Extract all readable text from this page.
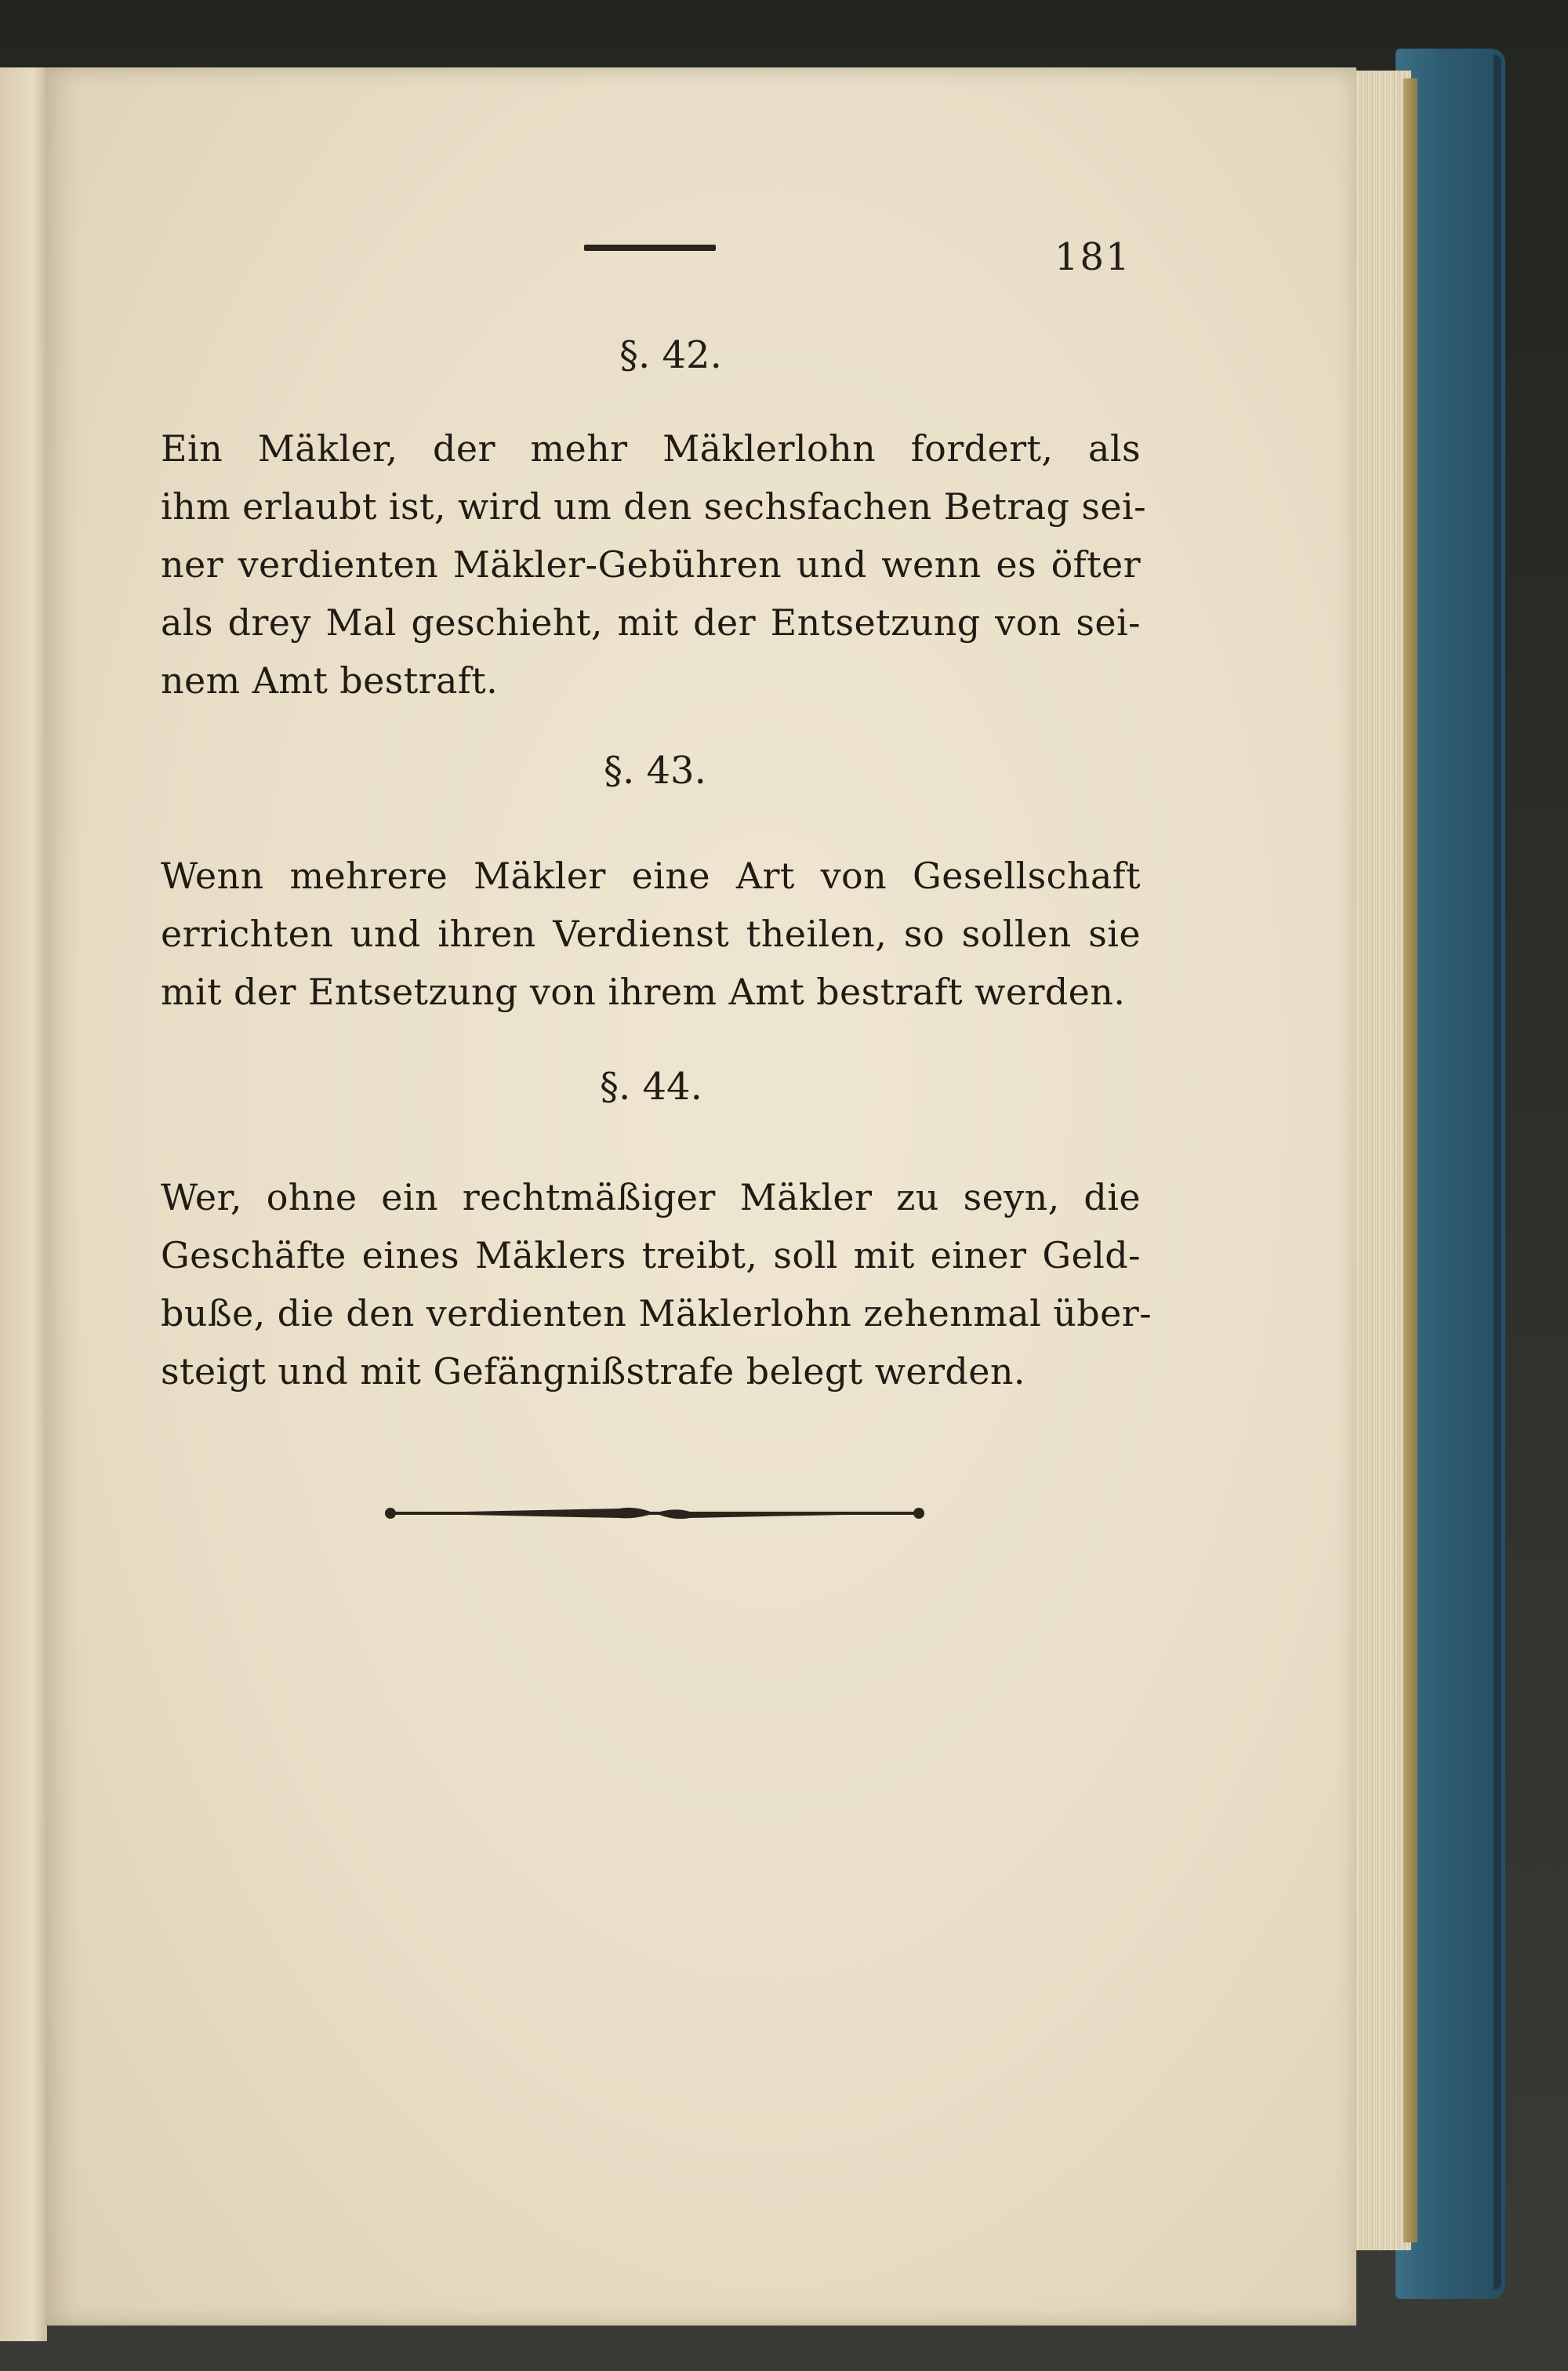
181
§. 42.
Ein Mäkler, der mehr Mäklerlohn fordert, als
ihm erlaubt ist, wird um den sechsfachen Betrag sei-
ner verdienten Mäkler-Gebühren und wenn es öfter
als drey Mal geschieht, mit der Entsetzung von sei-
nem Amt bestraft.
§. 43.
Wenn mehrere Mäkler eine Art von Gesellschaft
errichten und ihren Verdienst theilen, so sollen sie
mit der Entsetzung von ihrem Amt bestraft werden.
§. 44.
Wer, ohne ein rechtmäßiger Mäkler zu seyn, die
Geschäfte eines Mäklers treibt, soll mit einer Geld-
buße, die den verdienten Mäklerlohn zehenmal über-
steigt und mit Gefängnißstrafe belegt werden.
